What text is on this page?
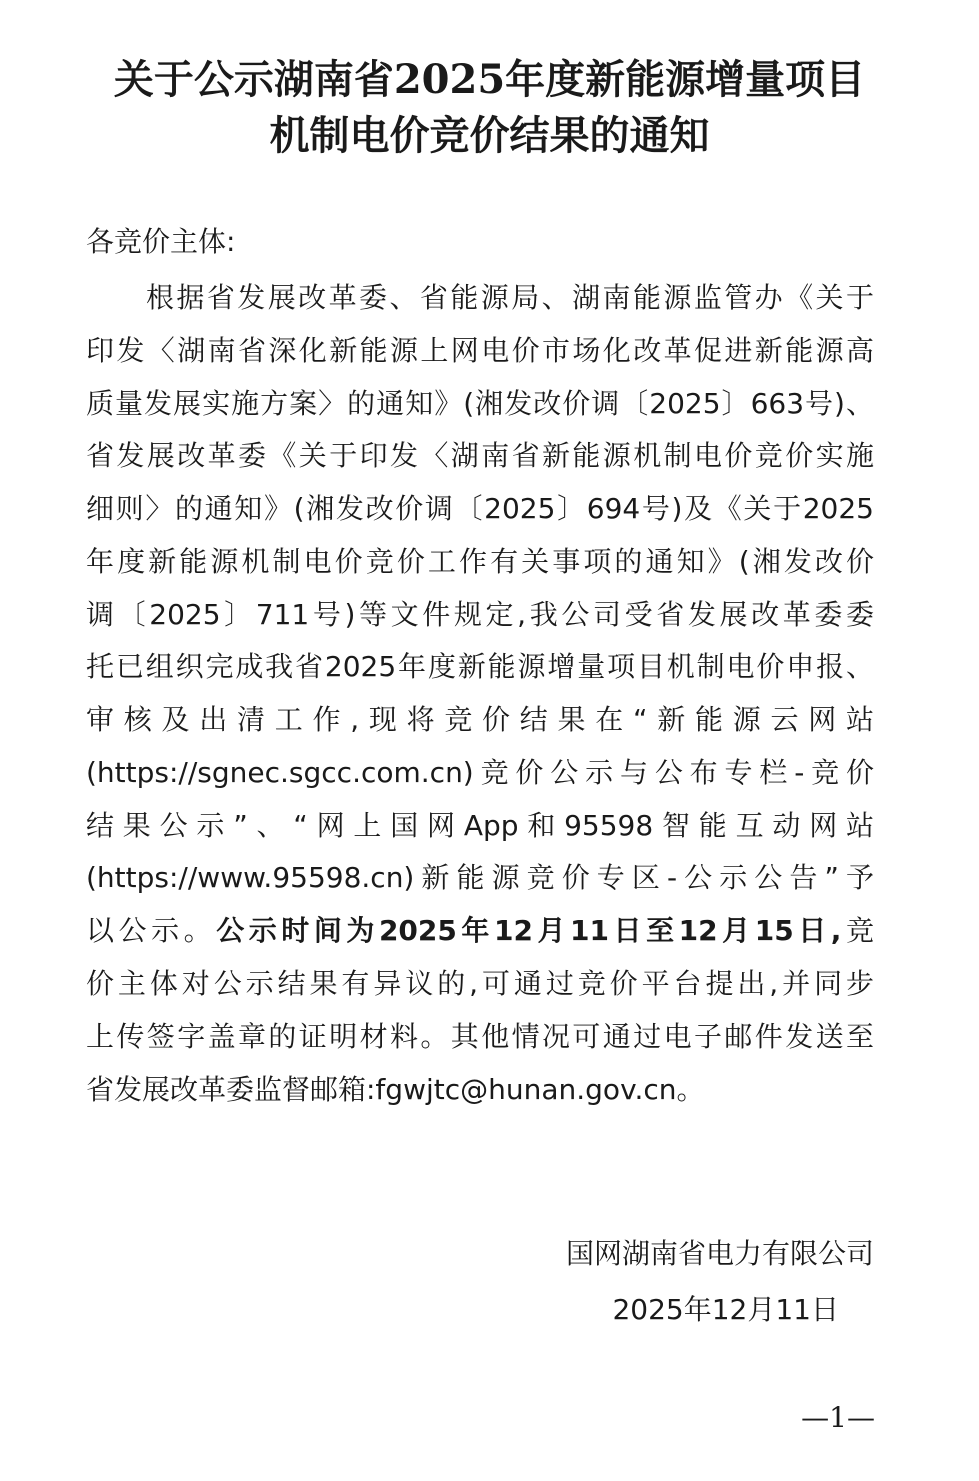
关于公示湖南省2025年度新能源增量项目
机制电价竞价结果的通知
各竞价主体:
根据省发展改革委、省能源局、湖南能源监管办《关于
印发〈湖南省深化新能源上网电价市场化改革促进新能源高
质量发展实施方案〉的通知》(湘发改价调〔2025〕663号)、
省发展改革委《关于印发〈湖南省新能源机制电价竞价实施
细则〉的通知》(湘发改价调〔2025〕694号)及《关于2025
年度新能源机制电价竞价工作有关事项的通知》(湘发改价
调〔2025〕711号)等文件规定,我公司受省发展改革委委
托已组织完成我省2025年度新能源增量项目机制电价申报、
审核及出清工作,现将竞价结果在“新能源云网站
(https://sgnec.sgcc.com.cn)竞价公示与公布专栏-竞价
结果公示”、“网上国网App和95598智能互动网站
(https://www.95598.cn)新能源竞价专区-公示公告”予
以公示。公示时间为2025年12月11日至12月15日,竞
价主体对公示结果有异议的,可通过竞价平台提出,并同步
上传签字盖章的证明材料。其他情况可通过电子邮件发送至
省发展改革委监督邮箱:fgwjtc@hunan.gov.cn。
国网湖南省电力有限公司
2025年12月11日
—1—
